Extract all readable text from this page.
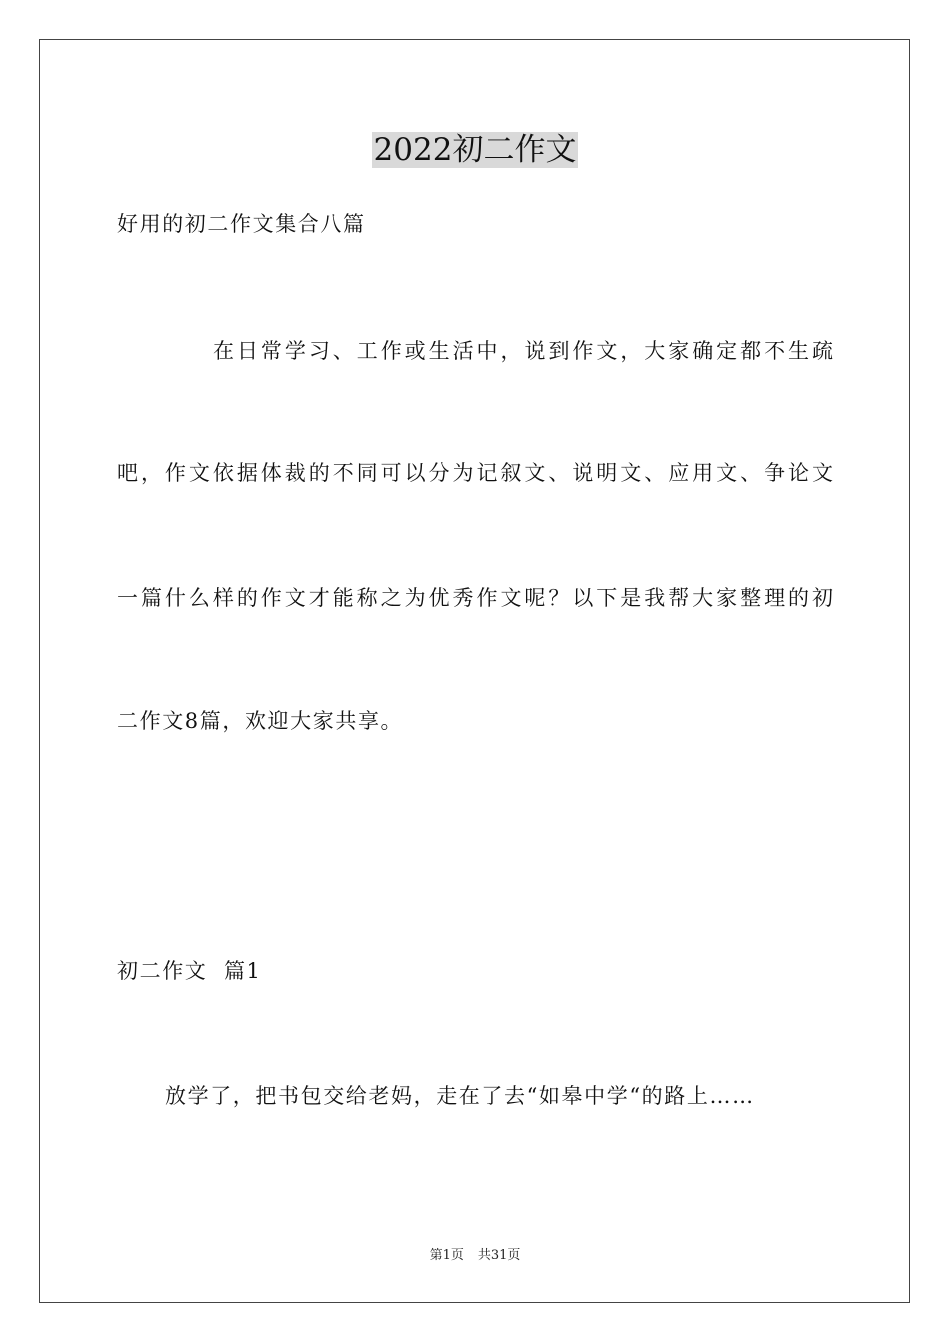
2022初二作文
好用的初二作文集合八篇
在日常学习、工作或生活中，说到作文，大家确定都不生疏
吧，作文依据体裁的不同可以分为记叙文、说明文、应用文、争论文
一篇什么样的作文才能称之为优秀作文呢？以下是我帮大家整理的初
二作文8篇，欢迎大家共享。
初二作文  篇1
放学了，把书包交给老妈，走在了去“如皋中学“的路上……
第1页 共31页
